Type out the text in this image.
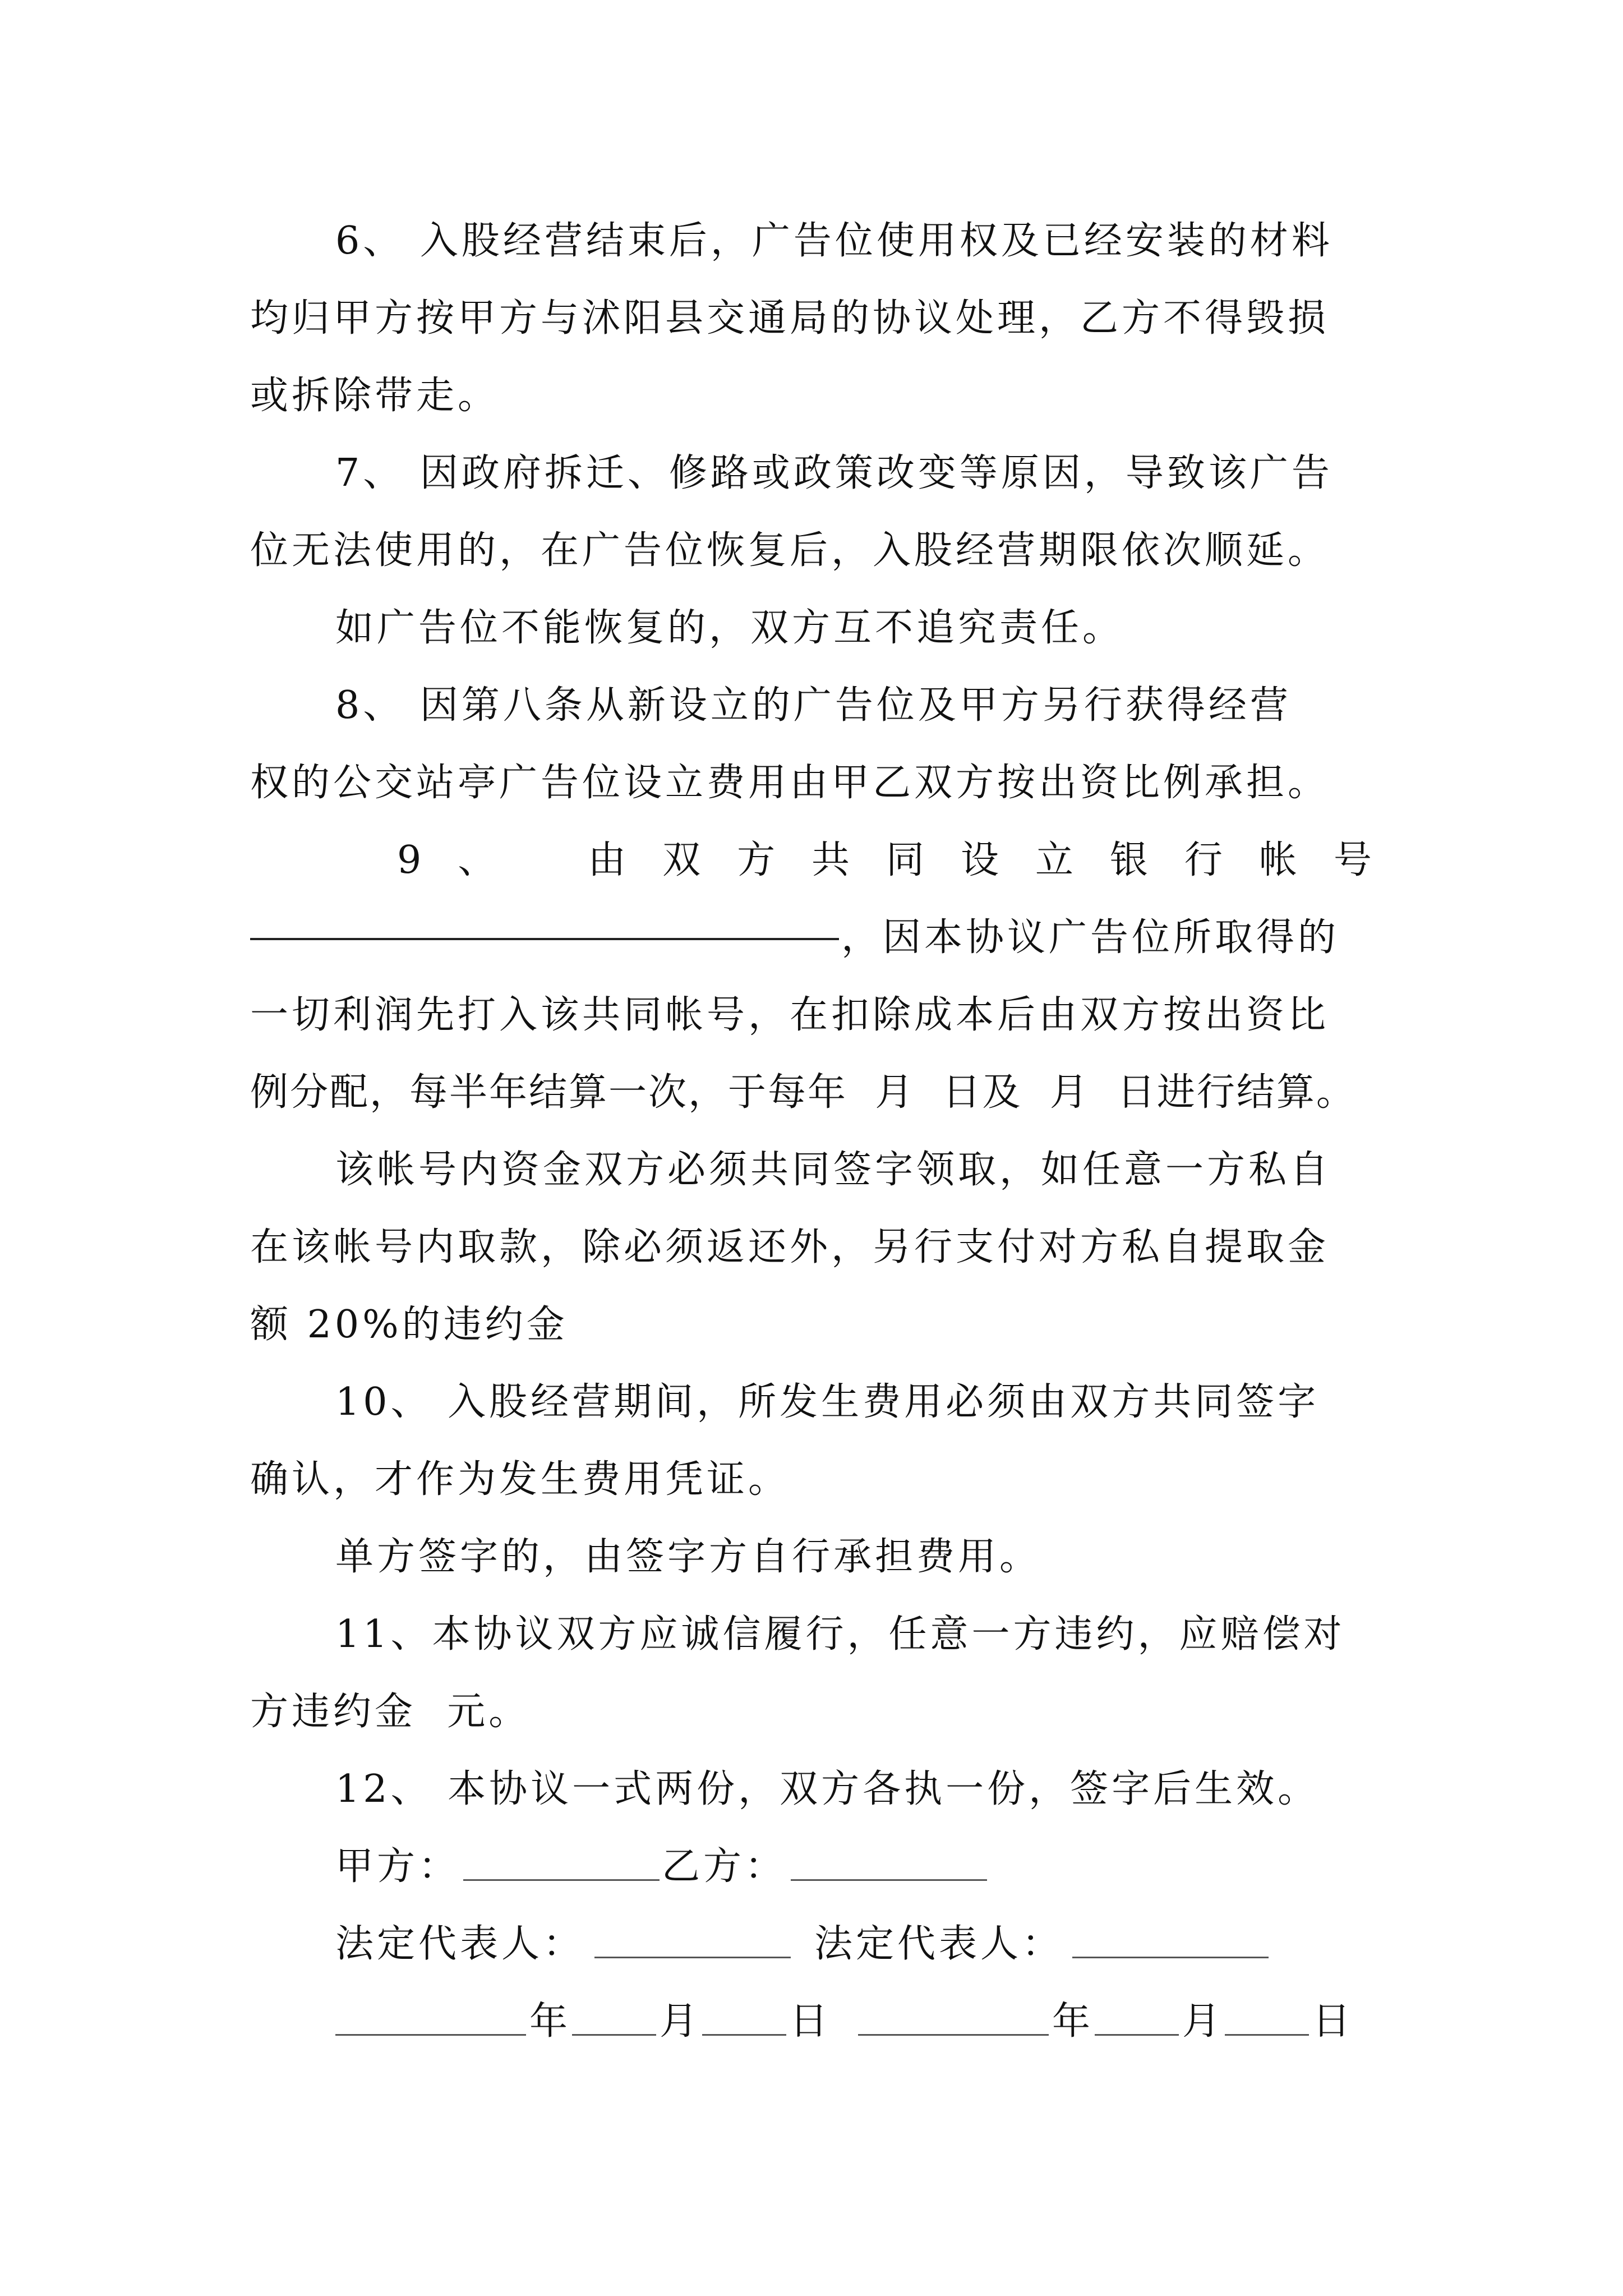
6、 入股经营结束后，广告位使用权及已经安装的材料
均归甲方按甲方与沭阳县交通局的协议处理，乙方不得毁损
或拆除带走。
7、 因政府拆迁、修路或政策改变等原因，导致该广告
位无法使用的，在广告位恢复后，入股经营期限依次顺延。
如广告位不能恢复的，双方互不追究责任。
8、 因第八条从新设立的广告位及甲方另行获得经营
权的公交站亭广告位设立费用由甲乙双方按出资比例承担。
9 、 由 双 方 共 同 设 立 银 行 帐 号
，因本协议广告位所取得的
一切利润先打入该共同帐号，在扣除成本后由双方按出资比
例分配，每半年结算一次，于每年  月  日及  月  日进行结算。
该帐号内资金双方必须共同签字领取，如任意一方私自
在该帐号内取款，除必须返还外，另行支付对方私自提取金
额 20%的违约金
10、 入股经营期间，所发生费用必须由双方共同签字
确认，才作为发生费用凭证。
单方签字的，由签字方自行承担费用。
11、本协议双方应诚信履行，任意一方违约，应赔偿对
方违约金  元。
12、 本协议一式两份，双方各执一份，签字后生效。
甲方：	乙方：
法定代表人：	法定代表人：
年 月 日	年 月 日
